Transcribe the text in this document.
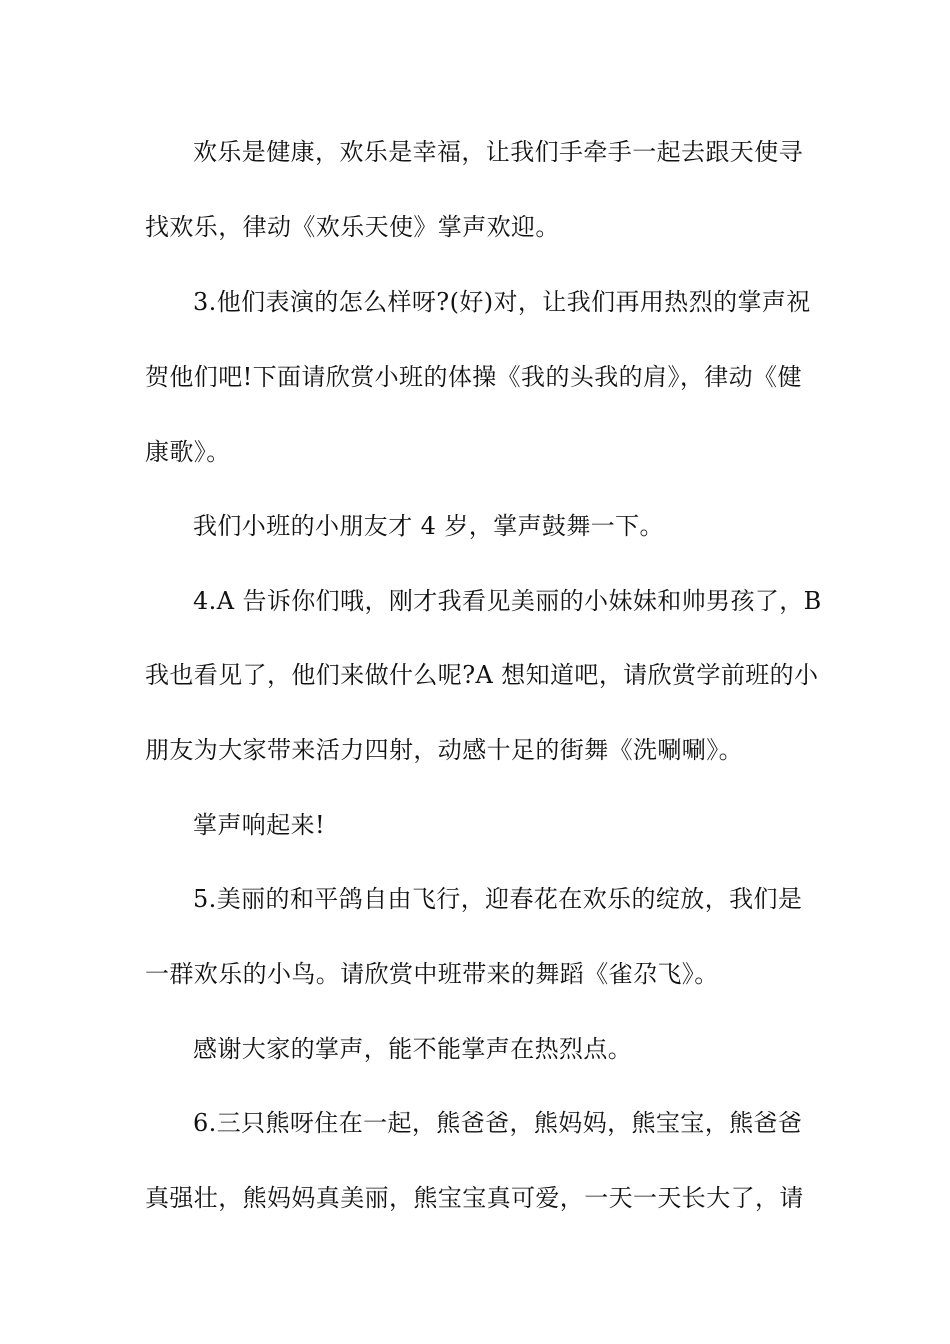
欢乐是健康，欢乐是幸福，让我们手牵手一起去跟天使寻
找欢乐，律动《欢乐天使》掌声欢迎。
3.他们表演的怎么样呀?(好)对，让我们再用热烈的掌声祝
贺他们吧!下面请欣赏小班的体操《我的头我的肩》，律动《健
康歌》。
我们小班的小朋友才 4 岁，掌声鼓舞一下。
4.A 告诉你们哦，刚才我看见美丽的小妹妹和帅男孩了，B
我也看见了，他们来做什么呢?A 想知道吧，请欣赏学前班的小
朋友为大家带来活力四射，动感十足的街舞《洗唰唰》。
掌声响起来!
5.美丽的和平鸽自由飞行，迎春花在欢乐的绽放，我们是
一群欢乐的小鸟。请欣赏中班带来的舞蹈《雀尕飞》。
感谢大家的掌声，能不能掌声在热烈点。
6.三只熊呀住在一起，熊爸爸，熊妈妈，熊宝宝，熊爸爸
真强壮，熊妈妈真美丽，熊宝宝真可爱，一天一天长大了，请
